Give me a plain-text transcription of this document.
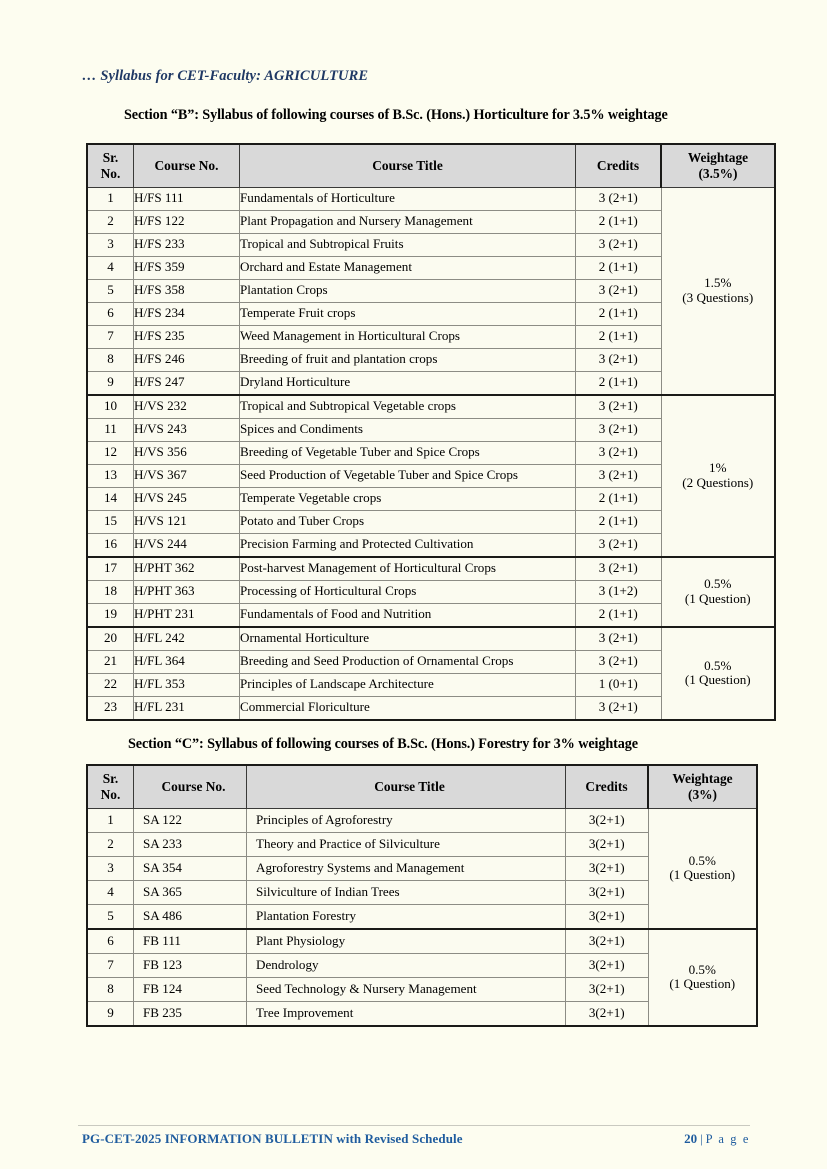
… Syllabus for CET-Faculty: AGRICULTURE
Section “B”: Syllabus of following courses of B.Sc. (Hons.) Horticulture for 3.5% weightage
Sr.
No.	Course No.	Course Title	Credits	Weightage
(3.5%)
1	H/FS 111	Fundamentals of Horticulture	3 (2+1)	1.5%
(3 Questions)

2	H/FS 122	Plant Propagation and Nursery Management	2 (1+1)	
3	H/FS 233	Tropical and Subtropical Fruits	3 (2+1)	
4	H/FS 359	Orchard and Estate Management	2 (1+1)	
5	H/FS 358	Plantation Crops	3 (2+1)	
6	H/FS 234	Temperate Fruit crops	2 (1+1)	
7	H/FS 235	Weed Management in Horticultural Crops	2 (1+1)	
8	H/FS 246	Breeding of fruit and plantation crops	3 (2+1)	
9	H/FS 247	Dryland Horticulture	2 (1+1)	
10	H/VS 232	Tropical and Subtropical Vegetable crops	3 (2+1)	1%
(2 Questions)

11	H/VS 243	Spices and Condiments	3 (2+1)	
12	H/VS 356	Breeding of Vegetable Tuber and Spice Crops	3 (2+1)	
13	H/VS 367	Seed Production of Vegetable Tuber and Spice Crops	3 (2+1)	
14	H/VS 245	Temperate Vegetable crops	2 (1+1)	
15	H/VS 121	Potato and Tuber Crops	2 (1+1)	
16	H/VS 244	Precision Farming and Protected Cultivation	3 (2+1)	
17	H/PHT 362	Post-harvest Management of Horticultural Crops	3 (2+1)	0.5%
(1 Question)

18	H/PHT 363	Processing of Horticultural Crops	3 (1+2)	
19	H/PHT 231	Fundamentals of Food and Nutrition	2 (1+1)	
20	H/FL 242	Ornamental Horticulture	3 (2+1)	0.5%
(1 Question)

21	H/FL 364	Breeding and Seed Production of Ornamental Crops	3 (2+1)	
22	H/FL 353	Principles of Landscape Architecture	1 (0+1)	
23	H/FL 231	Commercial Floriculture	3 (2+1)	
Section “C”: Syllabus of following courses of B.Sc. (Hons.) Forestry for 3% weightage
Sr.
No.	Course No.	Course Title	Credits	Weightage
(3%)
1	SA 122	Principles of Agroforestry	3(2+1)	0.5%
(1 Question)

2	SA 233	Theory and Practice of Silviculture	3(2+1)	
3	SA 354	Agroforestry Systems and Management	3(2+1)	
4	SA 365	Silviculture of Indian Trees	3(2+1)	
5	SA 486	Plantation Forestry	3(2+1)	
6	FB 111	Plant Physiology	3(2+1)	0.5%
(1 Question)

7	FB 123	Dendrology	3(2+1)	
8	FB 124	Seed Technology & Nursery Management	3(2+1)	
9	FB 235	Tree Improvement	3(2+1)	
PG-CET-2025 INFORMATION BULLETIN with Revised Schedule	20 | P a g e
